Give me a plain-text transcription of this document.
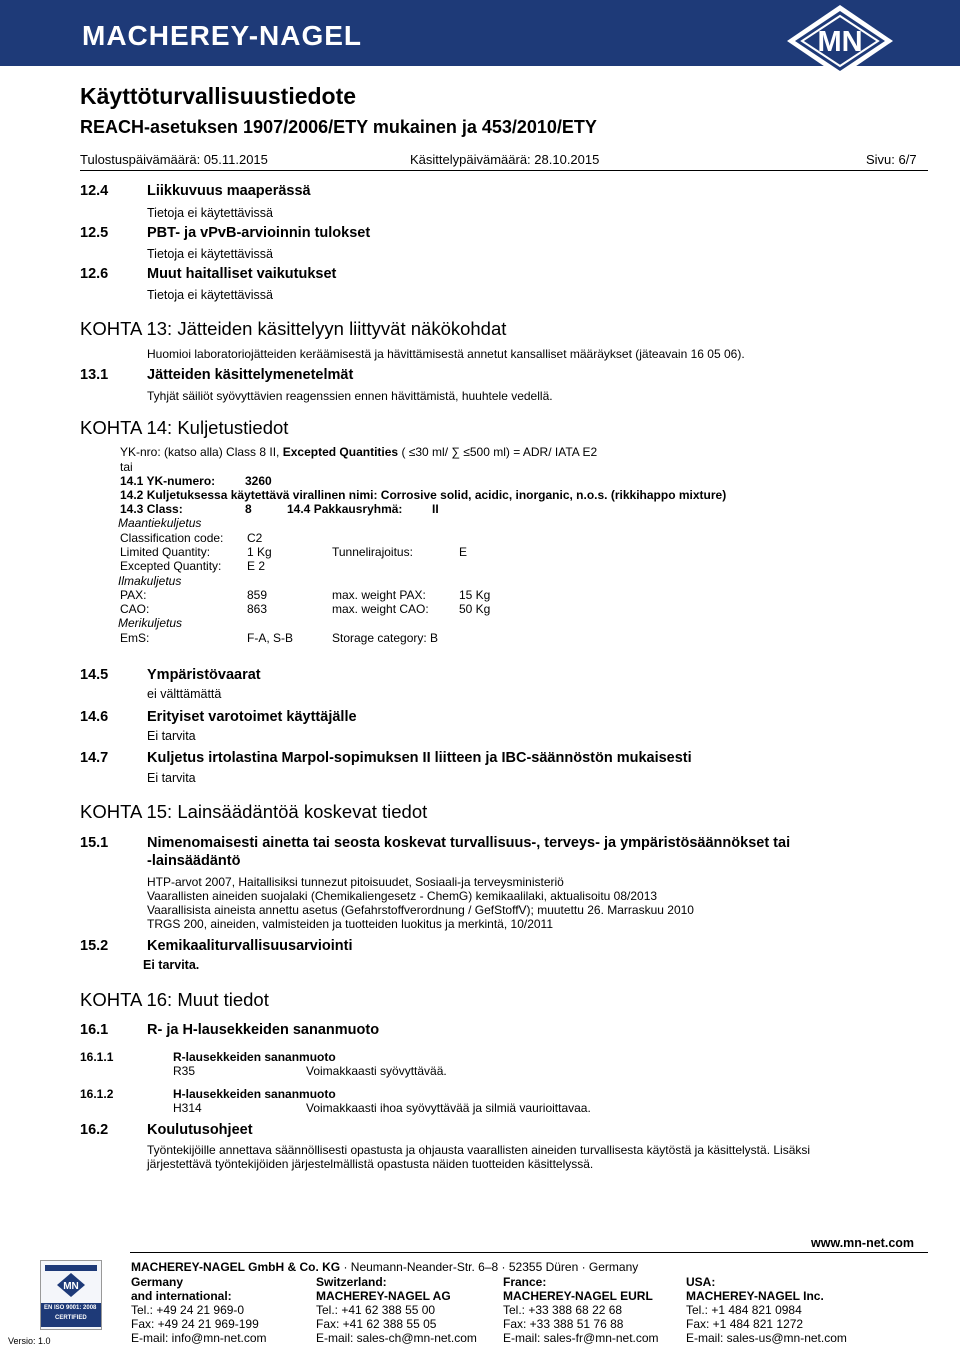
MACHEREY-NAGEL	MN
Käyttöturvallisuustiedote
REACH-asetuksen 1907/2006/ETY mukainen ja 453/2010/ETY
Tulostuspäivämäärä: 05.11.2015	Käsittelypäivämäärä: 28.10.2015	Sivu: 6/7
12.4	Liikkuvuus maaperässä
Tietoja ei käytettävissä
12.5	PBT- ja vPvB-arvioinnin tulokset
Tietoja ei käytettävissä
12.6	Muut haitalliset vaikutukset
Tietoja ei käytettävissä
KOHTA 13: Jätteiden käsittelyyn liittyvät näkökohdat
Huomioi laboratoriojätteiden keräämisestä ja hävittämisestä annetut kansalliset määräykset (jäteavain 16 05 06).
13.1	Jätteiden käsittelymenetelmät
Tyhjät säiliöt syövyttävien reagenssien ennen hävittämistä, huuhtele vedellä.
KOHTA 14: Kuljetustiedot
YK-nro: (katso alla) Class 8 II, Excepted Quantities ( ≤30 ml/ ∑ ≤500 ml) = ADR/ IATA E2
tai
14.1 YK-numero: 3260
14.2 Kuljetuksessa käytettävä virallinen nimi: Corrosive solid, acidic, inorganic, n.o.s. (rikkihappo mixture)
14.3 Class:	8	14.4 Pakkausryhmä: II
Maantiekuljetus
Classification code: C2
Limited Quantity:	1 Kg	Tunnelirajoitus:	E
Excepted Quantity: E 2
Ilmakuljetus
PAX:	859	max. weight PAX:	15 Kg
CAO:	863	max. weight CAO:	50 Kg
Merikuljetus
EmS:	F-A, S-B	Storage category: B
14.5	Ympäristövaarat
ei välttämättä
14.6	Erityiset varotoimet käyttäjälle
Ei tarvita
14.7	Kuljetus irtolastina Marpol-sopimuksen II liitteen ja IBC-säännöstön mukaisesti
Ei tarvita
KOHTA 15: Lainsäädäntöä koskevat tiedot
15.1	Nimenomaisesti ainetta tai seosta koskevat turvallisuus-, terveys- ja ympäristösäännökset tai
-lainsäädäntö
HTP-arvot 2007, Haitallisiksi tunnezut pitoisuudet, Sosiaali-ja terveysministeriö
Vaarallisten aineiden suojalaki (Chemikaliengesetz - ChemG) kemikaalilaki, aktualisoitu 08/2013
Vaarallisista aineista annettu asetus (Gefahrstoffverordnung / GefStoffV); muutettu 26. Marraskuu 2010
TRGS 200, aineiden, valmisteiden ja tuotteiden luokitus ja merkintä, 10/2011
15.2	Kemikaaliturvallisuusarviointi
Ei tarvita.
KOHTA 16: Muut tiedot
16.1	R- ja H-lausekkeiden sananmuoto
16.1.1	R-lausekkeiden sananmuoto
R35	Voimakkaasti syövyttävää.
16.1.2	H-lausekkeiden sananmuoto
H314	Voimakkaasti ihoa syövyttävää ja silmiä vaurioittavaa.
16.2	Koulutusohjeet
Työntekijöille annettava säännöllisesti opastusta ja ohjausta vaarallisten aineiden turvallisesta käytöstä ja käsittelystä. Lisäksi
järjestettävä työntekijöiden järjestelmällistä opastusta näiden tuotteiden käsittelyssä.
www.mn-net.com
MACHEREY-NAGEL GmbH & Co. KG · Neumann-Neander-Str. 6–8 · 52355 Düren · Germany
MN
EN ISO 9001: 2008
CERTIFIED
Versio: 1.0
Germany
and international:
Tel.: +49 24 21 969-0
Fax: +49 24 21 969-199
E-mail: info@mn-net.com
Switzerland:
MACHEREY-NAGEL AG
Tel.: +41 62 388 55 00
Fax: +41 62 388 55 05
E-mail: sales-ch@mn-net.com
France:
MACHEREY-NAGEL EURL
Tel.: +33 388 68 22 68
Fax: +33 388 51 76 88
E-mail: sales-fr@mn-net.com
USA:
MACHEREY-NAGEL Inc.
Tel.: +1 484 821 0984
Fax: +1 484 821 1272
E-mail: sales-us@mn-net.com
